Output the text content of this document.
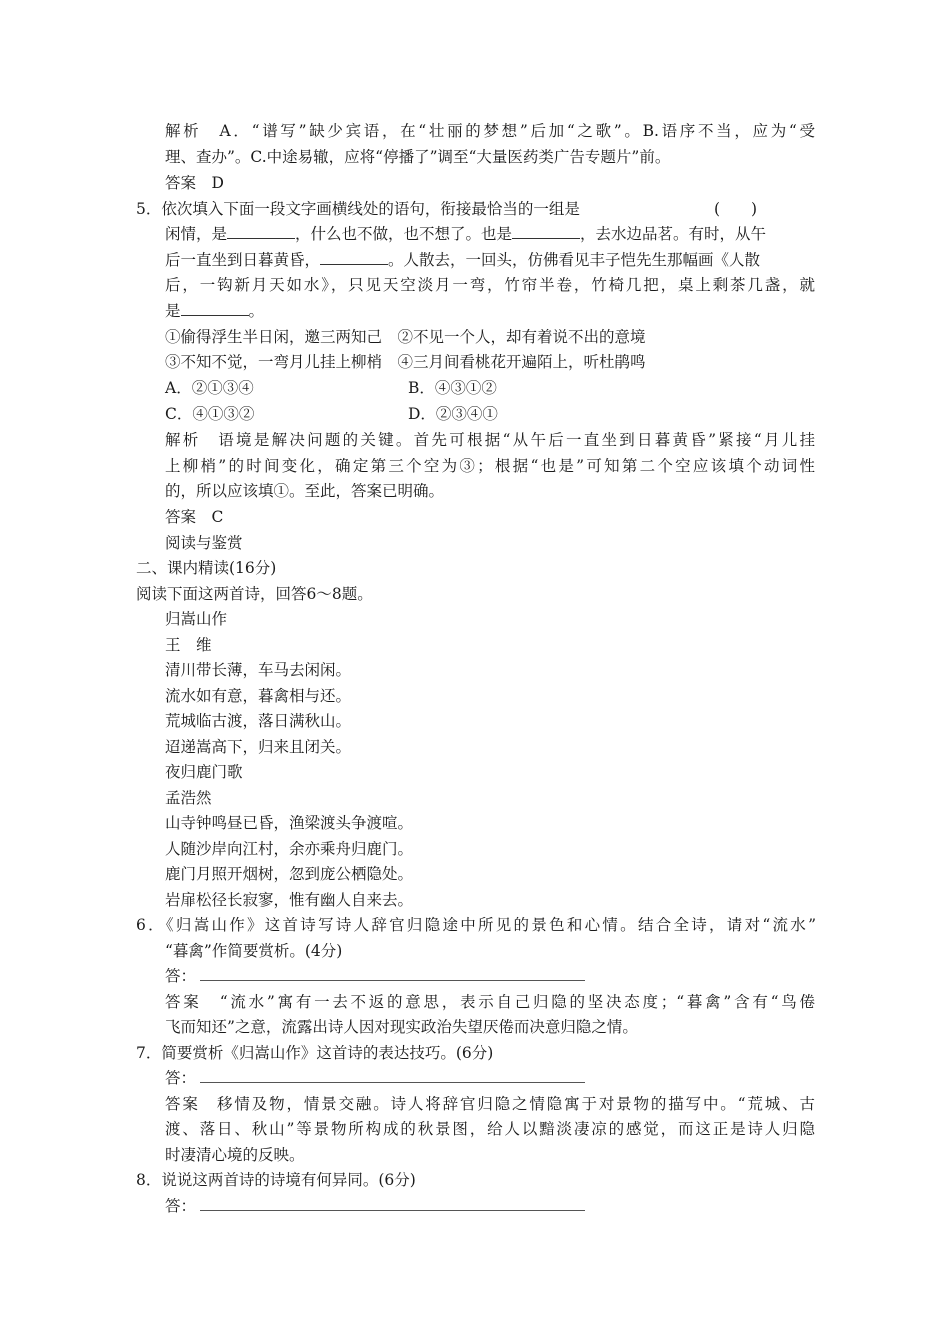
解析　A．“谱写”缺少宾语，在“壮丽的梦想”后加“之歌”。B.语序不当，应为“受
理、查办”。C.中途易辙，应将“停播了”调至“大量医药类广告专题片”前。
答案　D
5．依次填入下面一段文字画横线处的语句，衔接最恰当的一组是	(　　)
闲情，是	，什么也不做，也不想了。也是	，去水边品茗。有时，从午
后一直坐到日暮黄昏，	。人散去，一回头，仿佛看见丰子恺先生那幅画《人散
后，一钩新月天如水》，只见天空淡月一弯，竹帘半卷，竹椅几把，桌上剩茶几盏，就
是	。
①偷得浮生半日闲，邀三两知己　②不见一个人，却有着说不出的意境
③不知不觉，一弯月儿挂上柳梢　④三月间看桃花开遍陌上，听杜鹃鸣
A．②①③④	B．④③①②
C．④①③②	D．②③④①
解析　语境是解决问题的关键。首先可根据“从午后一直坐到日暮黄昏”紧接“月儿挂
上柳梢”的时间变化，确定第三个空为③；根据“也是”可知第二个空应该填个动词性
的，所以应该填①。至此，答案已明确。
答案　C
阅读与鉴赏
二、课内精读(16分)
阅读下面这两首诗，回答6～8题。
归嵩山作
王　维
清川带长薄，车马去闲闲。
流水如有意，暮禽相与还。
荒城临古渡，落日满秋山。
迢递嵩高下，归来且闭关。
夜归鹿门歌
孟浩然
山寺钟鸣昼已昏，渔梁渡头争渡喧。
人随沙岸向江村，余亦乘舟归鹿门。
鹿门月照开烟树，忽到庞公栖隐处。
岩扉松径长寂寥，惟有幽人自来去。
6．《归嵩山作》这首诗写诗人辞官归隐途中所见的景色和心情。结合全诗，请对“流水”
“暮禽”作简要赏析。(4分)
答：
答案　“流水”寓有一去不返的意思，表示自己归隐的坚决态度；“暮禽”含有“鸟倦
飞而知还”之意，流露出诗人因对现实政治失望厌倦而决意归隐之情。
7．简要赏析《归嵩山作》这首诗的表达技巧。(6分)
答：
答案　移情及物，情景交融。诗人将辞官归隐之情隐寓于对景物的描写中。“荒城、古
渡、落日、秋山”等景物所构成的秋景图，给人以黯淡凄凉的感觉，而这正是诗人归隐
时凄清心境的反映。
8．说说这两首诗的诗境有何异同。(6分)
答：
